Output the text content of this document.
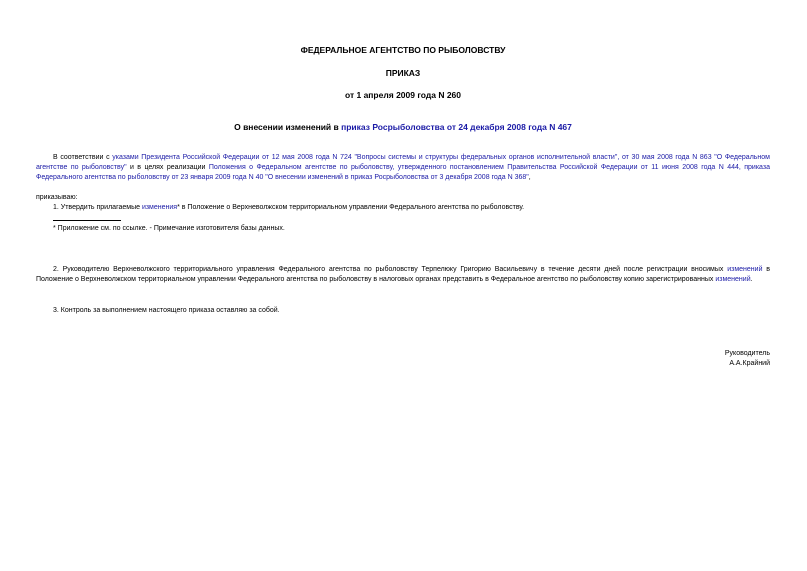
ФЕДЕРАЛЬНОЕ АГЕНТСТВО ПО РЫБОЛОВСТВУ
ПРИКАЗ
от 1 апреля 2009 года N 260
О внесении изменений в приказ Росрыболовства от 24 декабря 2008 года N 467
В соответствии с указами Президента Российской Федерации от 12 мая 2008 года N 724 "Вопросы системы и структуры федеральных органов исполнительной власти", от 30 мая 2008 года N 863 "О Федеральном агентстве по рыболовству" и в целях реализации Положения о Федеральном агентстве по рыболовству, утвержденного постановлением Правительства Российской Федерации от 11 июня 2008 года N 444, приказа Федерального агентства по рыболовству от 23 января 2009 года N 40 "О внесении изменений в приказ Росрыболовства от 3 декабря 2008 года N 368",
приказываю:
1. Утвердить прилагаемые изменения* в Положение о Верхневолжском территориальном управлении Федерального агентства по рыболовству.
* Приложение см. по ссылке. - Примечание изготовителя базы данных.
2. Руководителю Верхневолжского территориального управления Федерального агентства по рыболовству Терпелюку Григорию Васильевичу в течение десяти дней после регистрации вносимых изменений в Положение о Верхневолжском территориальном управлении Федерального агентства по рыболовству в налоговых органах представить в Федеральное агентство по рыболовству копию зарегистрированных изменений.
3. Контроль за выполнением настоящего приказа оставляю за собой.
Руководитель
А.А.Крайний
